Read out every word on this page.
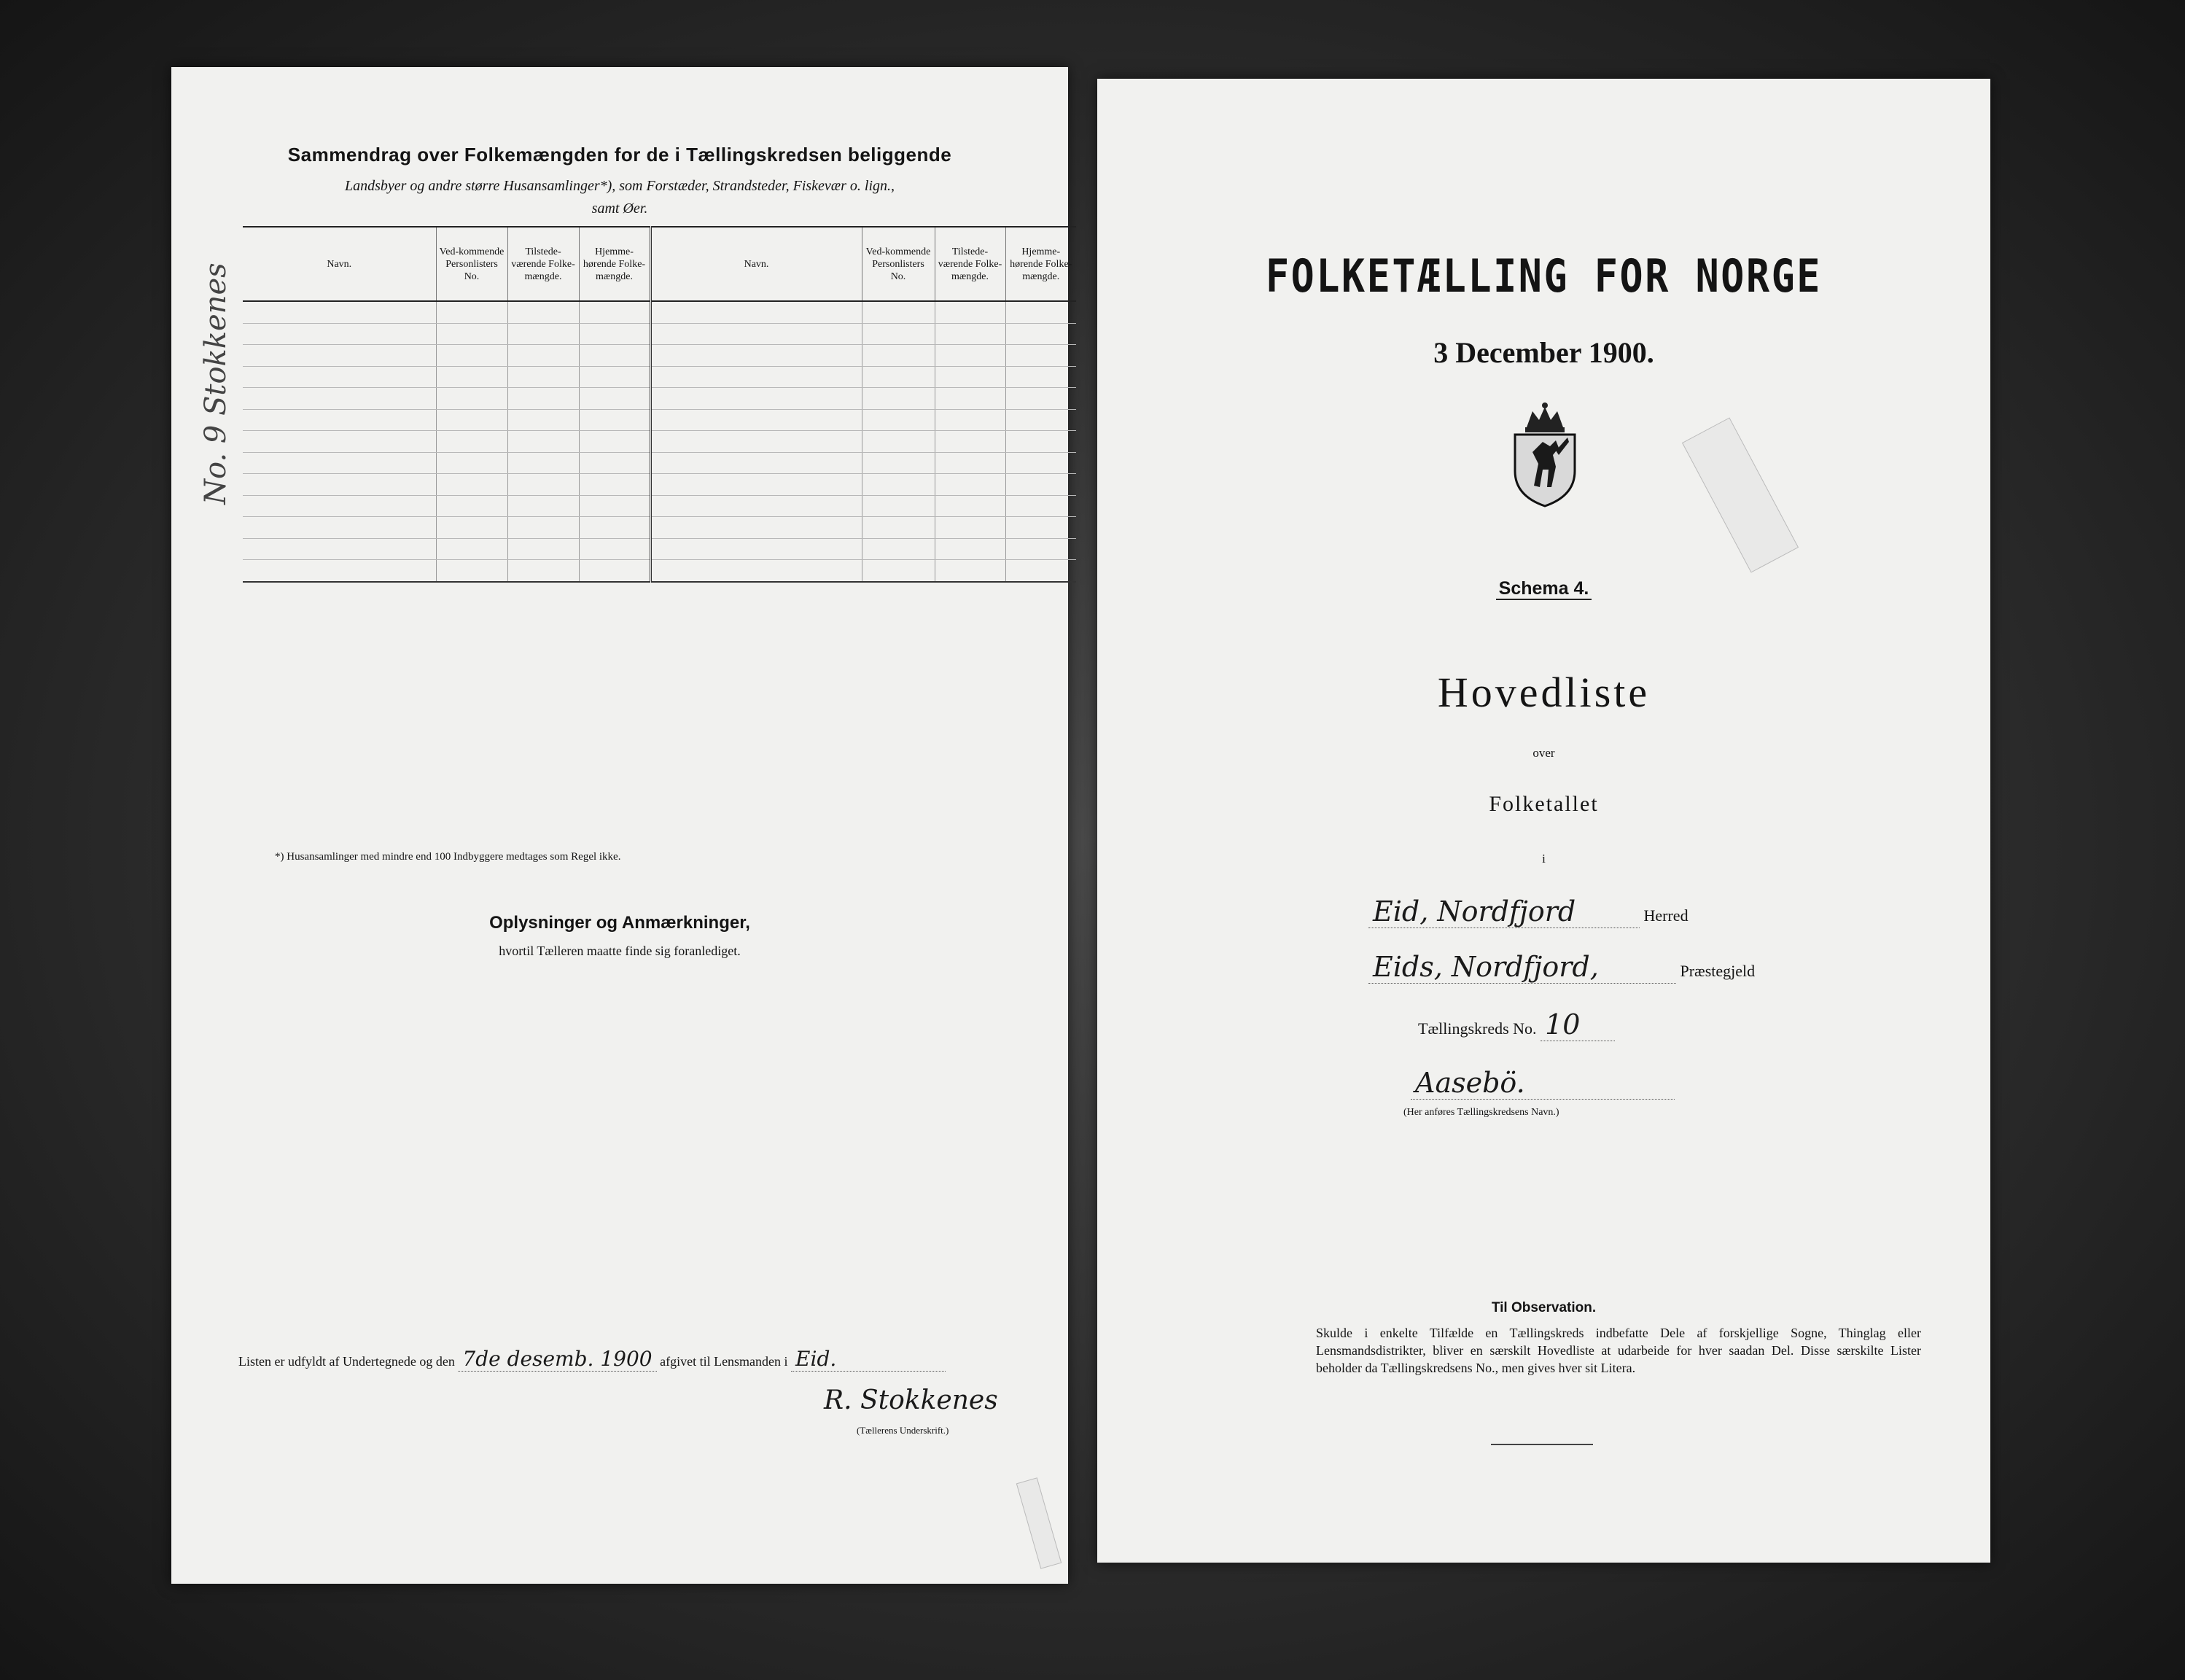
No. 9 Stokkenes
Sammendrag over Folkemængden for de i Tællingskredsen beliggende
Landsbyer og andre større Husansamlinger*), som Forstæder, Strandsteder, Fiskevær o. lign.,
samt Øer.
Navn.	Ved-kommende Personlisters No.	Tilstede-værende Folke-mængde.	Hjemme-hørende Folke-mængde.	Navn.	Ved-kommende Personlisters No.	Tilstede-værende Folke-mængde.	Hjemme-hørende Folke-mængde.

*) Husansamlinger med mindre end 100 Indbyggere medtages som Regel ikke.
Oplysninger og Anmærkninger,
hvortil Tælleren maatte finde sig foranlediget.
Listen er udfyldt af Undertegnede og den 7de desemb. 1900 afgivet til Lensmanden i Eid.
R. Stokkenes
(Tællerens Underskrift.)
FOLKETÆLLING FOR NORGE
3 December 1900.
Schema 4.
Hovedliste
over
Folketallet
i
Eid, Nordfjord	Herred
Eids, Nordfjord,	Præstegjeld
Tællingskreds No. 10
Aasebö.
(Her anføres Tællingskredsens Navn.)
Til Observation.
Skulde i enkelte Tilfælde en Tællingskreds indbefatte Dele af forskjellige Sogne, Thinglag eller Lensmandsdistrikter, bliver en særskilt Hovedliste at udarbeide for hver saadan Del. Disse særskilte Lister beholder da Tællingskredsens No., men gives hver sit Litera.
